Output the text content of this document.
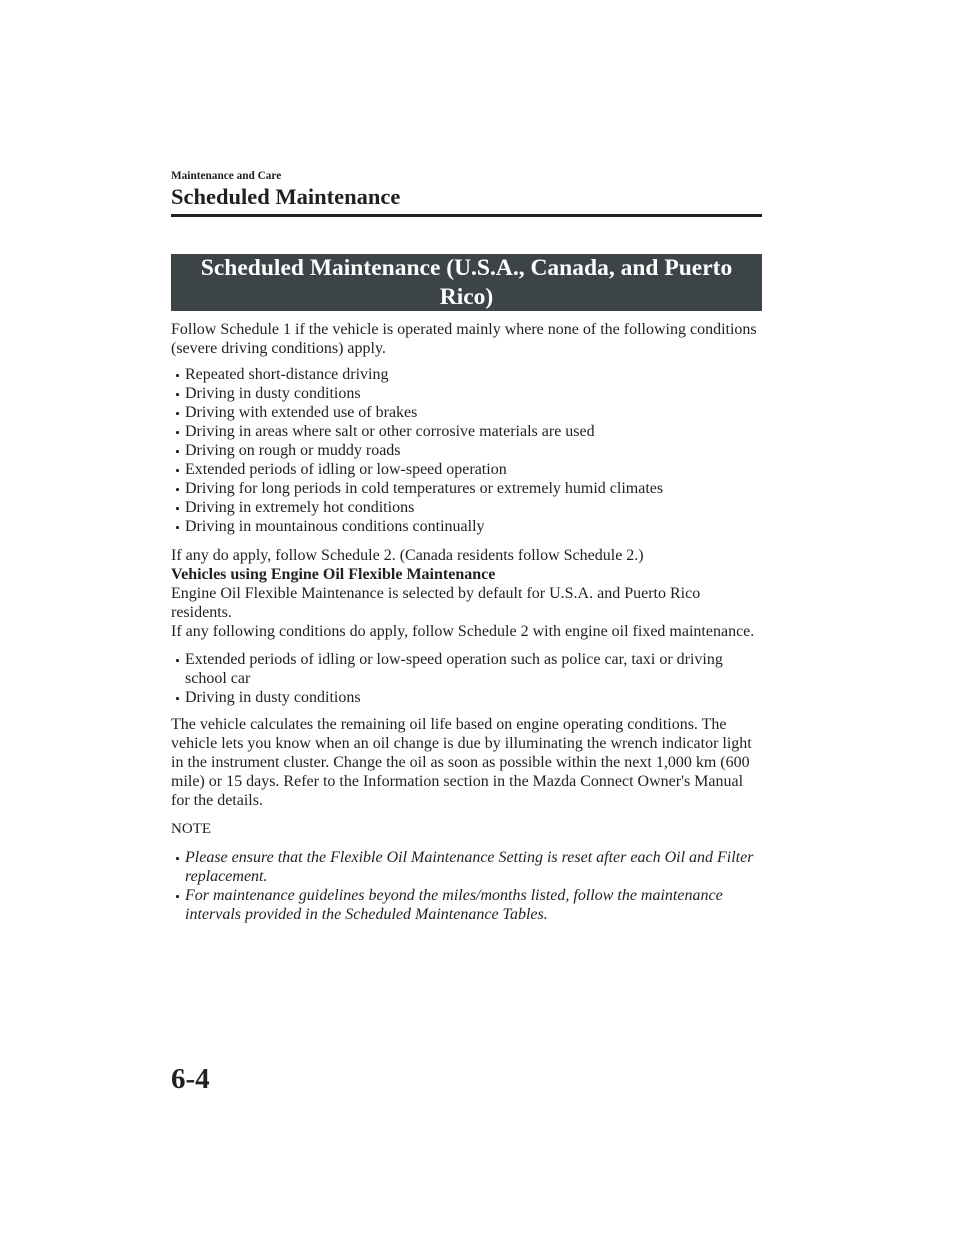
Maintenance and Care
Scheduled Maintenance
Scheduled Maintenance (U.S.A., Canada, and Puerto Rico)

Follow Schedule 1 if the vehicle is operated mainly where none of the following conditions
(severe driving conditions) apply.

Repeated short-distance driving
Driving in dusty conditions
Driving with extended use of brakes
Driving in areas where salt or other corrosive materials are used
Driving on rough or muddy roads
Extended periods of idling or low-speed operation
Driving for long periods in cold temperatures or extremely humid climates
Driving in extremely hot conditions
Driving in mountainous conditions continually

If any do apply, follow Schedule 2. (Canada residents follow Schedule 2.)

Vehicles using Engine Oil Flexible Maintenance

Engine Oil Flexible Maintenance is selected by default for U.S.A. and Puerto Rico
residents.

If any following conditions do apply, follow Schedule 2 with engine oil fixed maintenance.

Extended periods of idling or low-speed operation such as police car, taxi or driving
school car
Driving in dusty conditions

The vehicle calculates the remaining oil life based on engine operating conditions. The
vehicle lets you know when an oil change is due by illuminating the wrench indicator light
in the instrument cluster. Change the oil as soon as possible within the next 1,000 km (600
mile) or 15 days. Refer to the Information section in the Mazda Connect Owner's Manual
for the details.

NOTE

Please ensure that the Flexible Oil Maintenance Setting is reset after each Oil and Filter
replacement.
For maintenance guidelines beyond the miles/months listed, follow the maintenance
intervals provided in the Scheduled Maintenance Tables.
6-4
